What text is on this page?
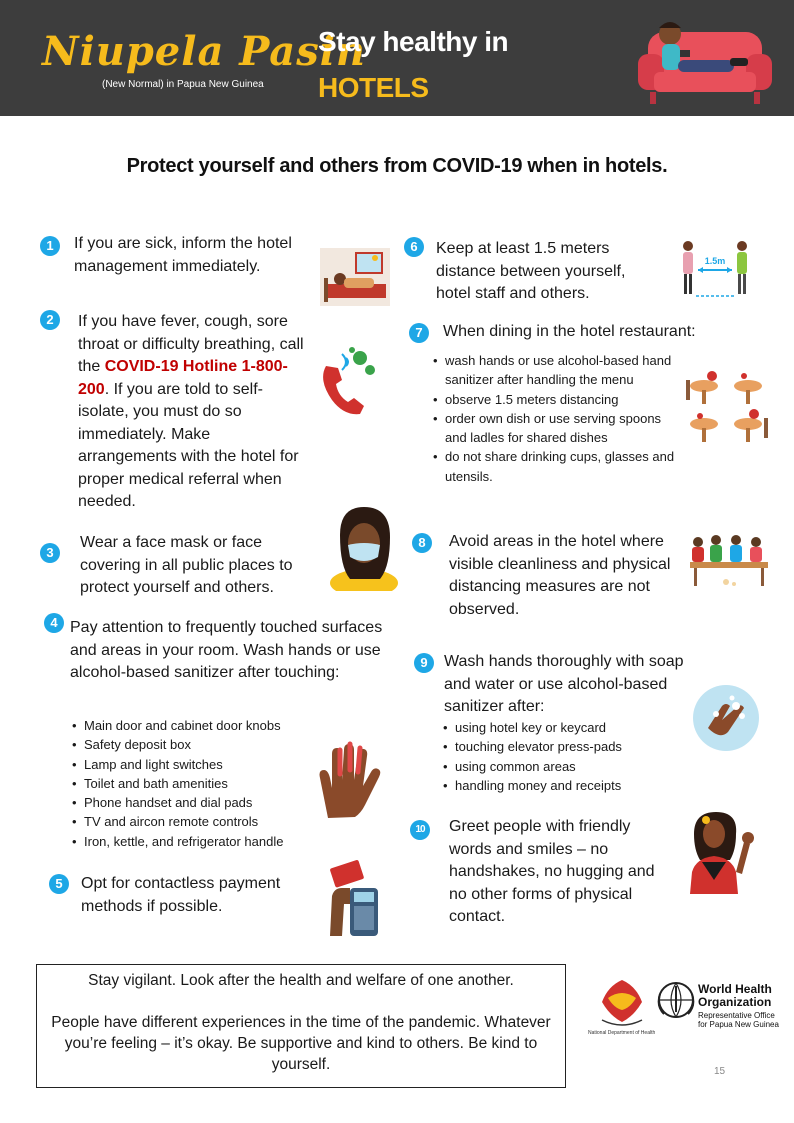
Niupela Pasin
(New Normal) in Papua New Guinea
Stay healthy in
HOTELS
Protect yourself and others from COVID-19 when in hotels.
1	If you are sick, inform the hotel management immediately.
2	If you have fever, cough, sore throat or difficulty breathing, call the COVID-19 Hotline 1-800-200. If you are told to self-isolate, you must do so immediately. Make arrangements with the hotel for proper medical referral when needed.
3
Wear a face mask or face covering in all public places to protect yourself and others.
4 Pay attention to frequently touched surfaces and areas in your room. Wash hands or use alcohol-based sanitizer after touching:
• Main door and cabinet door knobs
• Safety deposit box
• Lamp and light switches
• Toilet and bath amenities
• Phone handset and dial pads
• TV and aircon remote controls
• Iron, kettle, and refrigerator handle
5	Opt for contactless payment methods if possible.
6	Keep at least 1.5 meters distance between yourself, hotel staff and others.
1.5m
7	When dining in the hotel restaurant:
• wash hands or use alcohol-based hand sanitizer after handling the menu
• observe 1.5 meters distancing
• order own dish or use serving spoons and ladles for shared dishes
• do not share drinking cups, glasses and utensils.
8	Avoid areas in the hotel where visible cleanliness and physical distancing measures are not observed.
9	Wash hands thoroughly with soap and water or use alcohol-based sanitizer after:
• using hotel key or keycard
• touching elevator press-pads
• using common areas
• handling money and receipts
10	Greet people with friendly words and smiles – no handshakes, no hugging and no other forms of physical contact.

Stay vigilant. Look after the health and welfare of one another.

People have different experiences in the time of the pandemic. Whatever you’re feeling – it’s okay. Be supportive and kind to others. Be kind to yourself.

National Department of Health
World Health
Organization
Representative Office
for Papua New Guinea
15
